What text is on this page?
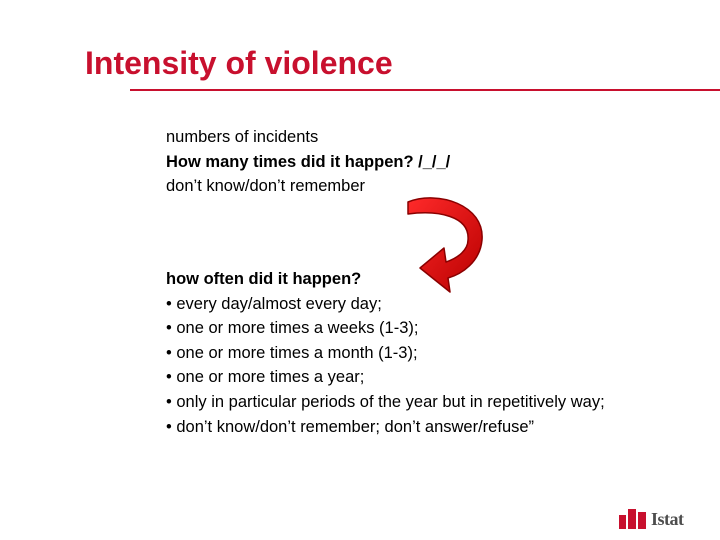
Intensity of violence
numbers of incidents
How many times did it happen? /_/_/
don’t know/don’t remember
how often did it happen?
• every day/almost every day;
• one or more times a weeks (1-3);
• one or more times a month (1-3);
• one or more times a year;
• only in particular periods of the year but in repetitively way;
• don’t know/don’t remember; don’t answer/refuse”
Istat
